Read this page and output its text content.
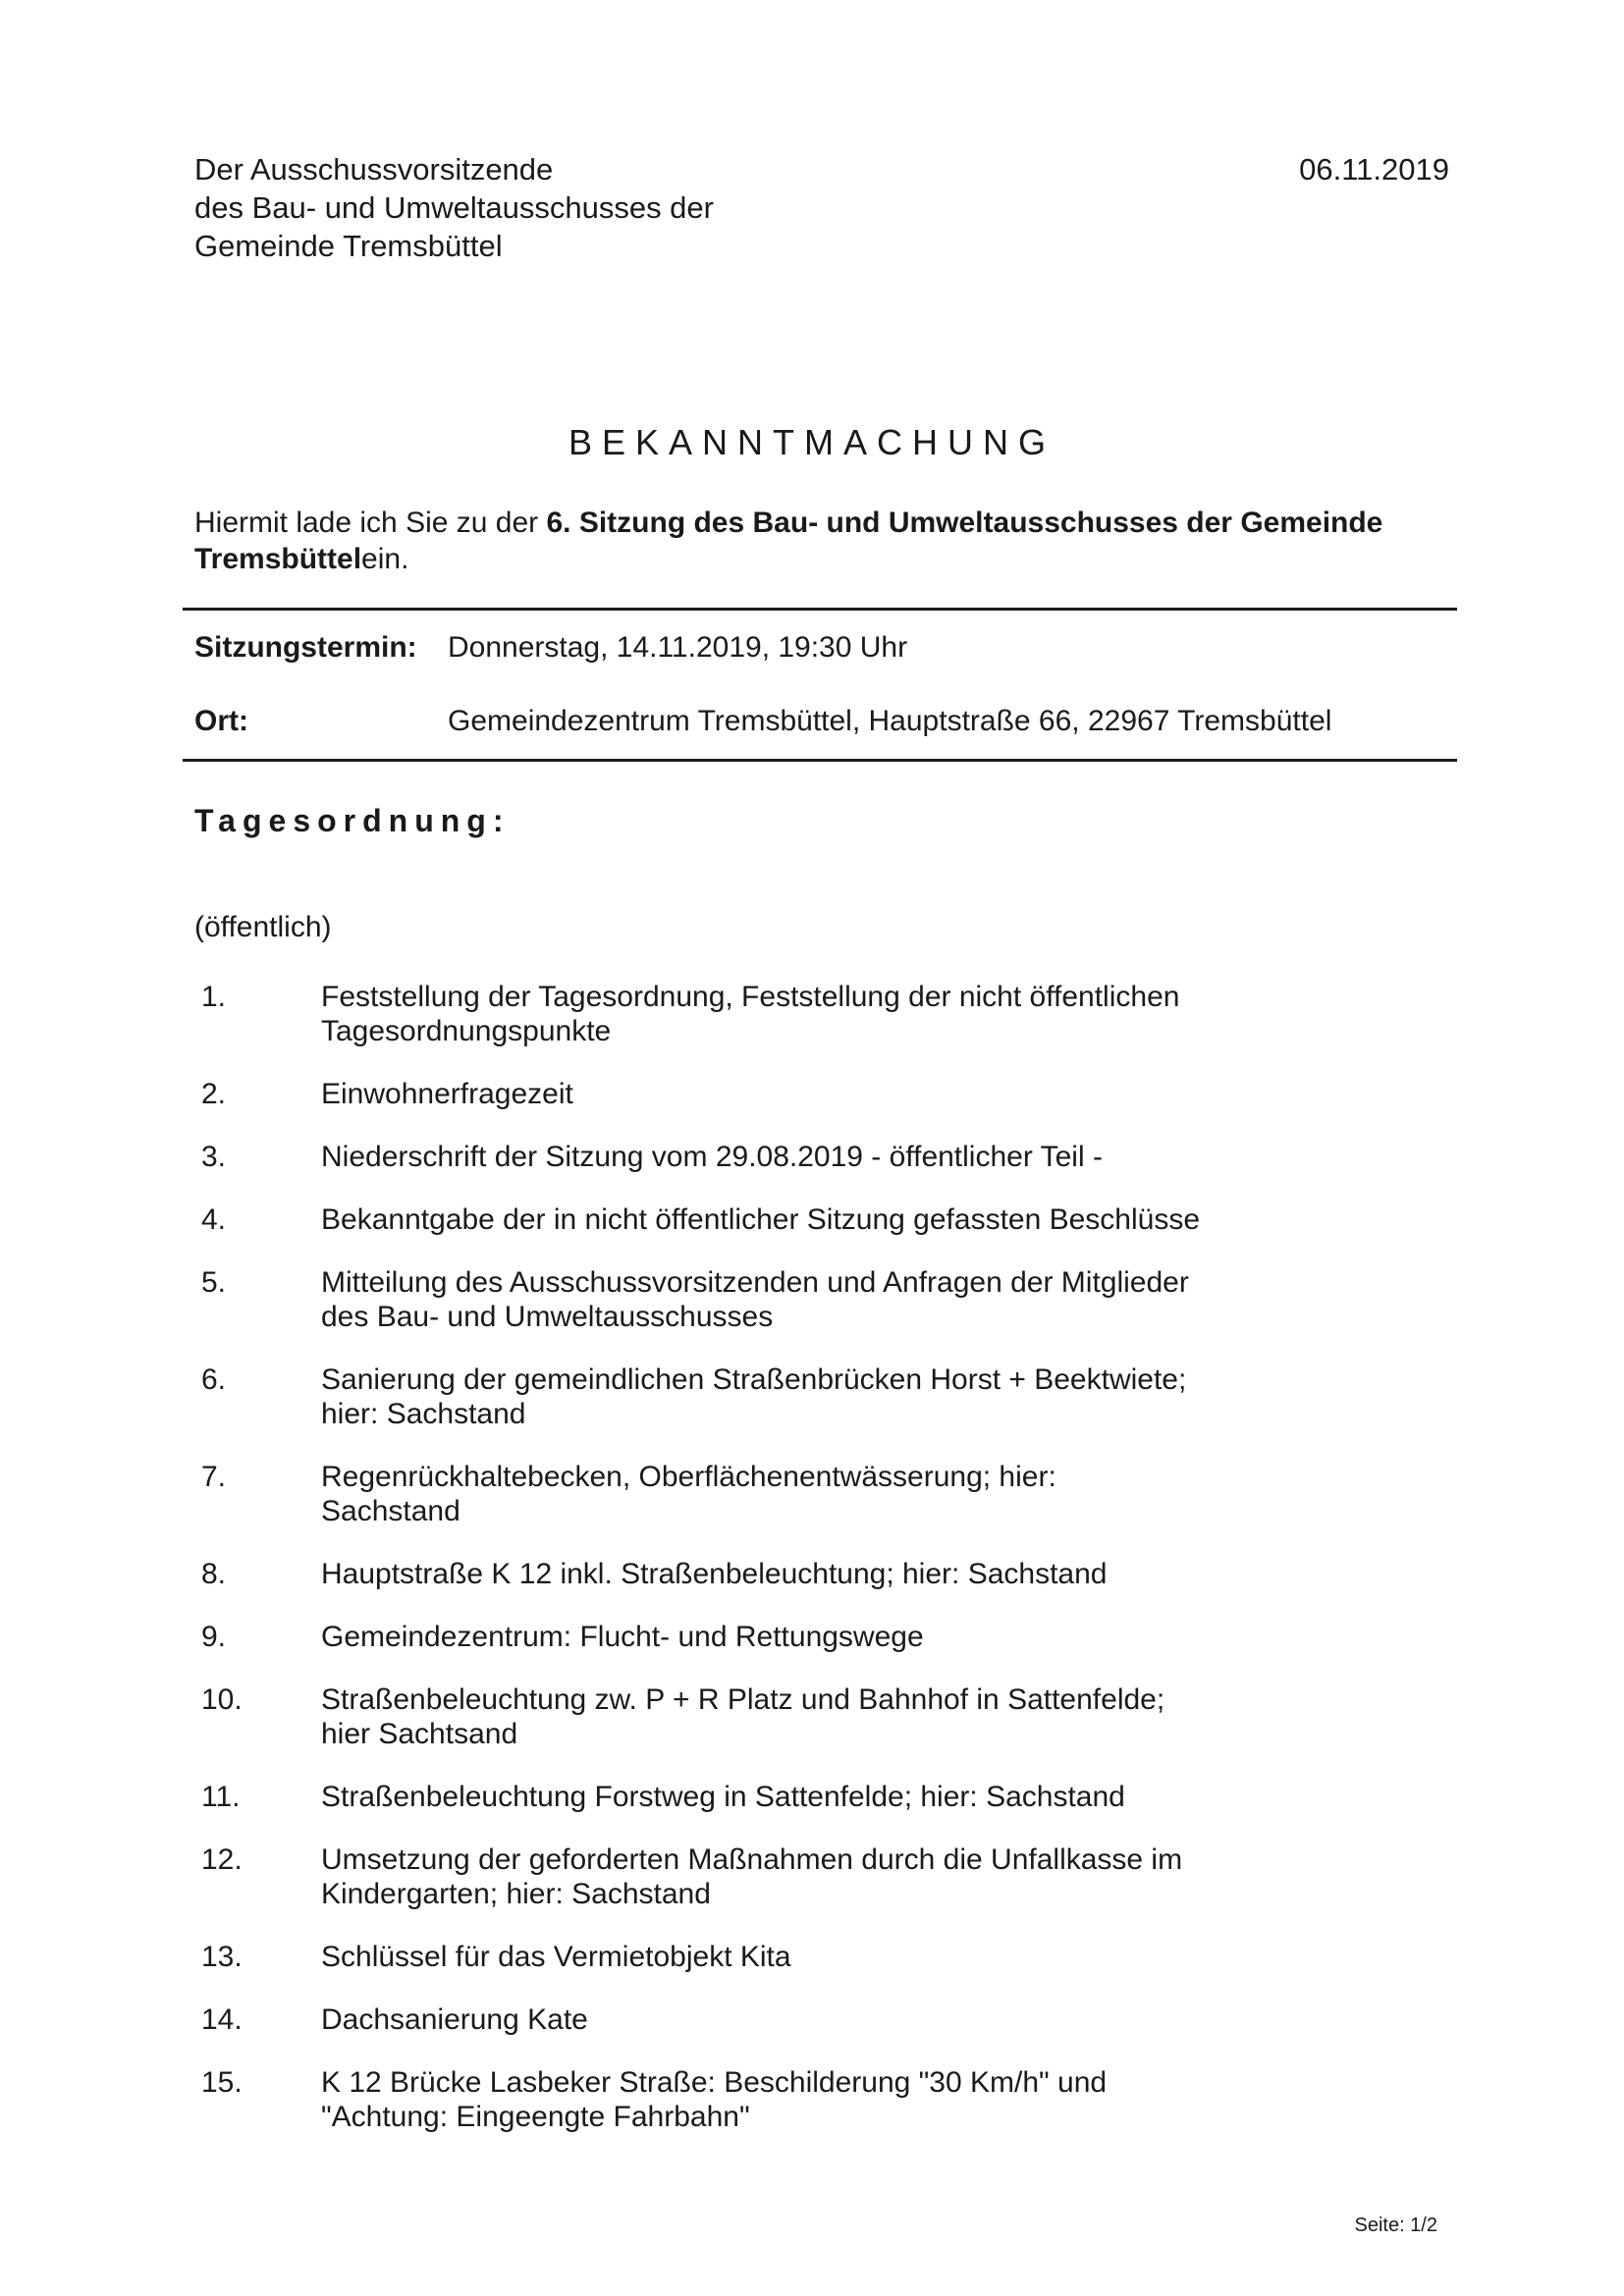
Der Ausschussvorsitzende
des Bau- und Umweltausschusses der
Gemeinde Tremsbüttel
06.11.2019
BEKANNTMACHUNG
Hiermit lade ich Sie zu der 6. Sitzung des Bau- und Umweltausschusses der Gemeinde Tremsbüttelein.
Sitzungstermin: Donnerstag, 14.11.2019, 19:30 Uhr
Ort:	Gemeindezentrum Tremsbüttel, Hauptstraße 66, 22967 Tremsbüttel
Tagesordnung:
(öffentlich)
1.	Feststellung der Tagesordnung, Feststellung der nicht öffentlichen
Tagesordnungspunkte
2.	Einwohnerfragezeit
3.	Niederschrift der Sitzung vom 29.08.2019 - öffentlicher Teil -
4.	Bekanntgabe der in nicht öffentlicher Sitzung gefassten Beschlüsse
5.	Mitteilung des Ausschussvorsitzenden und Anfragen der Mitglieder
des Bau- und Umweltausschusses
6.	Sanierung der gemeindlichen Straßenbrücken Horst + Beektwiete;
hier: Sachstand
7.	Regenrückhaltebecken, Oberflächenentwässerung; hier:
Sachstand
8.	Hauptstraße K 12 inkl. Straßenbeleuchtung; hier: Sachstand
9.	Gemeindezentrum: Flucht- und Rettungswege
10.	Straßenbeleuchtung zw. P + R Platz und Bahnhof in Sattenfelde;
hier Sachtsand
11.	Straßenbeleuchtung Forstweg in Sattenfelde; hier: Sachstand
12.	Umsetzung der geforderten Maßnahmen durch die Unfallkasse im
Kindergarten; hier: Sachstand
13.	Schlüssel für das Vermietobjekt Kita
14.	Dachsanierung Kate
15.	K 12 Brücke Lasbeker Straße: Beschilderung "30 Km/h" und
"Achtung: Eingeengte Fahrbahn"
Seite: 1/2
